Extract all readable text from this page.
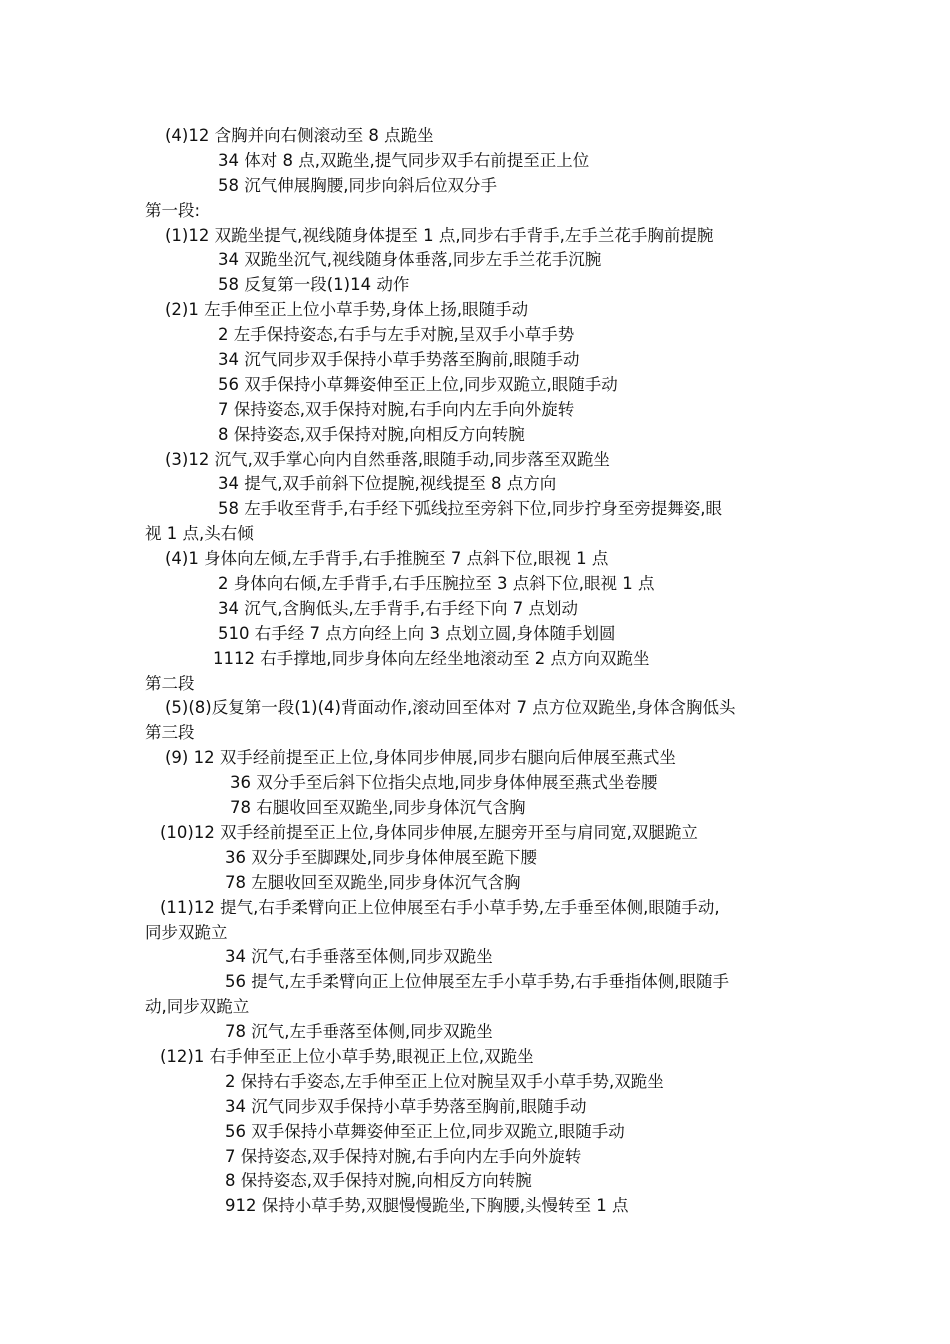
(4)12 含胸并向右侧滚动至 8 点跪坐
34 体对 8 点,双跪坐,提气同步双手右前提至正上位
58 沉气伸展胸腰,同步向斜后位双分手
第一段:
(1)12 双跪坐提气,视线随身体提至 1 点,同步右手背手,左手兰花手胸前提腕
34 双跪坐沉气,视线随身体垂落,同步左手兰花手沉腕
58 反复第一段(1)14 动作
(2)1 左手伸至正上位小草手势,身体上扬,眼随手动
2 左手保持姿态,右手与左手对腕,呈双手小草手势
34 沉气同步双手保持小草手势落至胸前,眼随手动
56 双手保持小草舞姿伸至正上位,同步双跪立,眼随手动
7 保持姿态,双手保持对腕,右手向内左手向外旋转
8 保持姿态,双手保持对腕,向相反方向转腕
(3)12 沉气,双手掌心向内自然垂落,眼随手动,同步落至双跪坐
34 提气,双手前斜下位提腕,视线提至 8 点方向
58 左手收至背手,右手经下弧线拉至旁斜下位,同步拧身至旁提舞姿,眼
视 1 点,头右倾
(4)1 身体向左倾,左手背手,右手推腕至 7 点斜下位,眼视 1 点
2 身体向右倾,左手背手,右手压腕拉至 3 点斜下位,眼视 1 点
34 沉气,含胸低头,左手背手,右手经下向 7 点划动
510 右手经 7 点方向经上向 3 点划立圆,身体随手划圆
1112 右手撑地,同步身体向左经坐地滚动至 2 点方向双跪坐
第二段
(5)(8)反复第一段(1)(4)背面动作,滚动回至体对 7 点方位双跪坐,身体含胸低头
第三段
(9) 12 双手经前提至正上位,身体同步伸展,同步右腿向后伸展至燕式坐
36 双分手至后斜下位指尖点地,同步身体伸展至燕式坐卷腰
78 右腿收回至双跪坐,同步身体沉气含胸
(10)12 双手经前提至正上位,身体同步伸展,左腿旁开至与肩同宽,双腿跪立
36 双分手至脚踝处,同步身体伸展至跪下腰
78 左腿收回至双跪坐,同步身体沉气含胸
(11)12 提气,右手柔臂向正上位伸展至右手小草手势,左手垂至体侧,眼随手动,
同步双跪立
34 沉气,右手垂落至体侧,同步双跪坐
56 提气,左手柔臂向正上位伸展至左手小草手势,右手垂指体侧,眼随手
动,同步双跪立
78 沉气,左手垂落至体侧,同步双跪坐
(12)1 右手伸至正上位小草手势,眼视正上位,双跪坐
2 保持右手姿态,左手伸至正上位对腕呈双手小草手势,双跪坐
34 沉气同步双手保持小草手势落至胸前,眼随手动
56 双手保持小草舞姿伸至正上位,同步双跪立,眼随手动
7 保持姿态,双手保持对腕,右手向内左手向外旋转
8 保持姿态,双手保持对腕,向相反方向转腕
912 保持小草手势,双腿慢慢跪坐,下胸腰,头慢转至 1 点
